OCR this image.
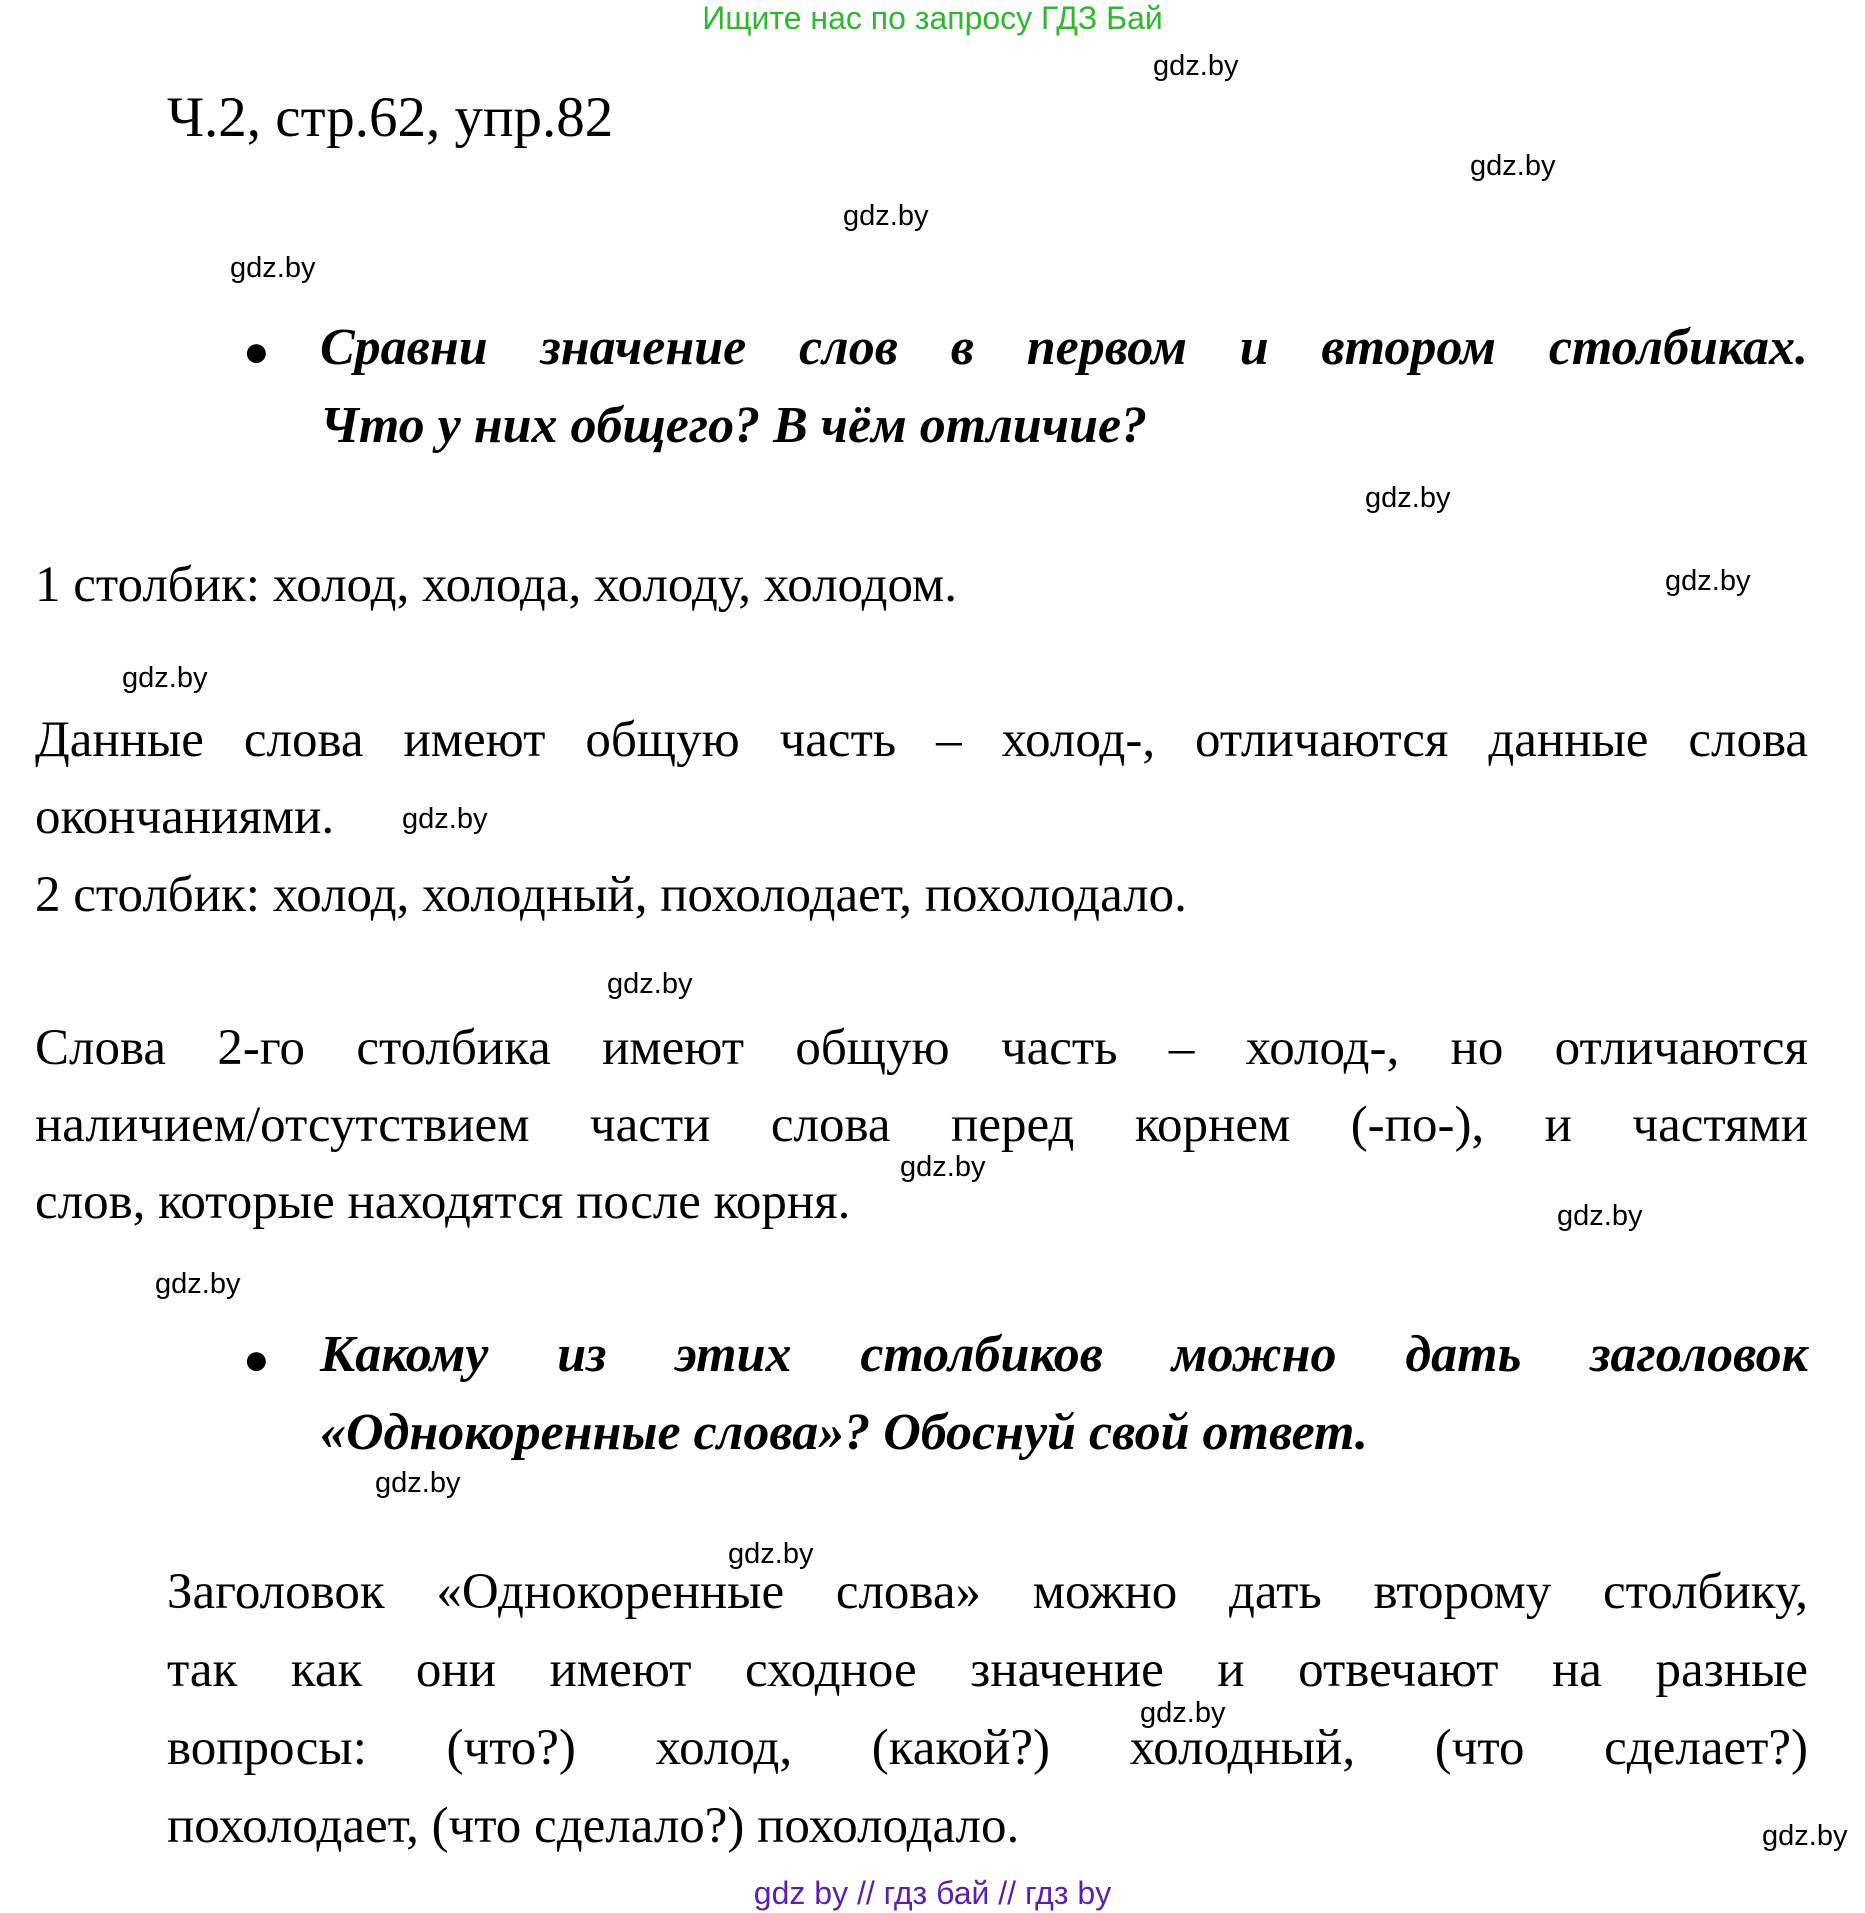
Ищите нас по запросу ГДЗ Бай
Ч.2, стр.62, упр.82
gdz.by
gdz.by
gdz.by
gdz.by
gdz.by
gdz.by
gdz.by
gdz.by
gdz.by
gdz.by
gdz.by
gdz.by
gdz.by
gdz.by
gdz.by
gdz.by
● Сравни значение слов в первом и втором столбиках.
Что у них общего? В чём отличие?
1 столбик: холод, холода, холоду, холодом.
Данные слова имеют общую часть – холод-, отличаются данные слова
окончаниями.
2 столбик: холод, холодный, похолодает, похолодало.
Слова 2-го столбика имеют общую часть – холод-, но отличаются
наличием/отсутствием части слова перед корнем (-по-), и частями
слов, которые находятся после корня.
● Какому из этих столбиков можно дать заголовок
«Однокоренные слова»? Обоснуй свой ответ.
Заголовок «Однокоренные слова» можно дать второму столбику,
так как они имеют сходное значение и отвечают на разные
вопросы: (что?) холод, (какой?) холодный, (что сделает?)
похолодает, (что сделало?) похолодало.
gdz by // гдз бай // гдз by
